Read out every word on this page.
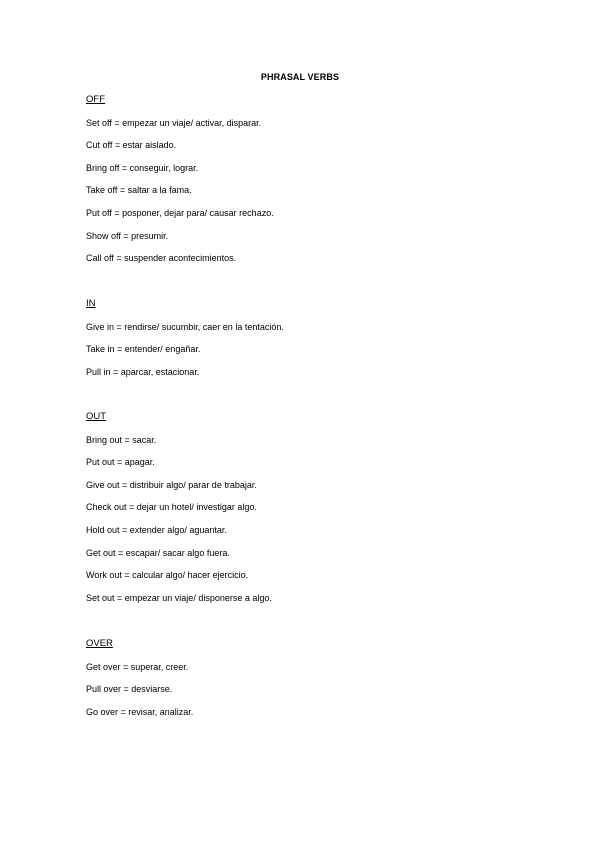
PHRASAL VERBS
OFF
Set off = empezar un viaje/ activar, disparar.
Cut off = estar aislado.
Bring off = conseguir, lograr.
Take off = saltar a la fama.
Put off = posponer, dejar para/ causar rechazo.
Show off = presumir.
Call off = suspender acontecimientos.
IN
Give in = rendirse/ sucumbir, caer en la tentación.
Take in = entender/ engañar.
Pull in = aparcar, estacionar.
OUT
Bring out = sacar.
Put out = apagar.
Give out = distribuir algo/ parar de trabajar.
Check out = dejar un hotel/ investigar algo.
Hold out = extender algo/ aguantar.
Get out = escapar/ sacar algo fuera.
Work out = calcular algo/ hacer ejercicio.
Set out = empezar un viaje/ disponerse a algo.
OVER
Get over = superar, creer.
Pull over = desviarse.
Go over = revisar, analizar.
